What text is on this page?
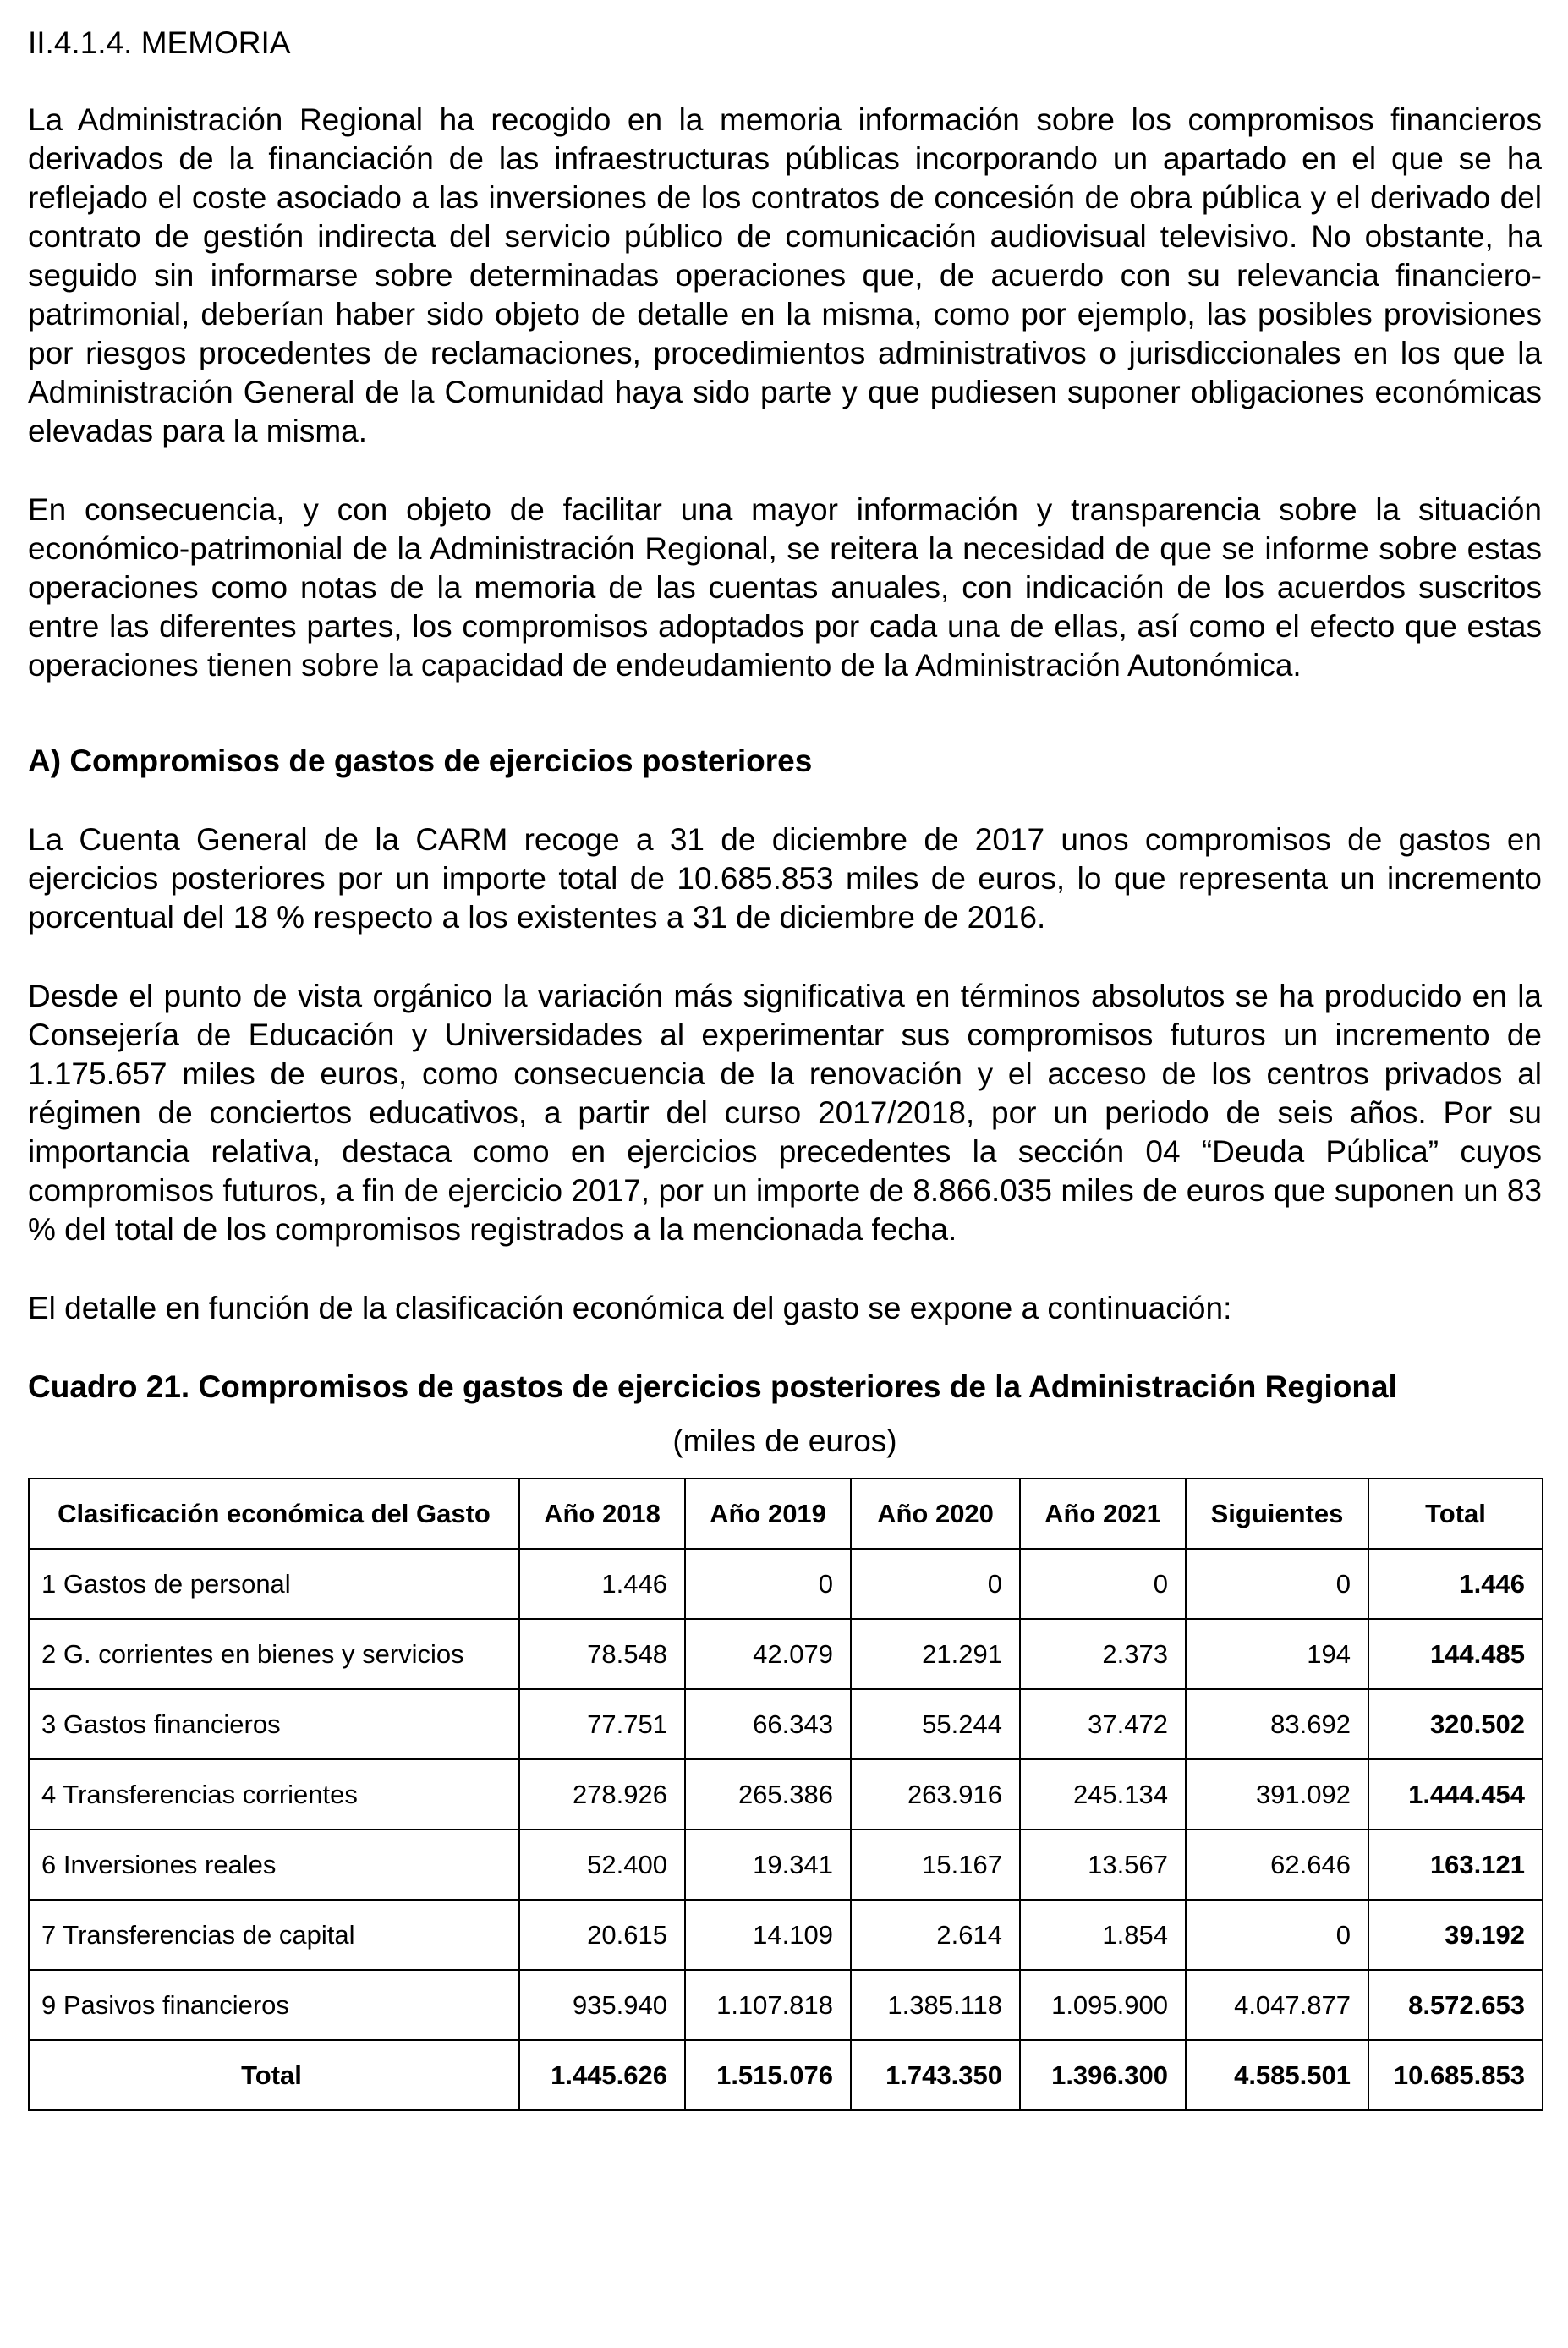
II.4.1.4. MEMORIA

La Administración Regional ha recogido en la memoria información sobre los compromisos financieros derivados de la financiación de las infraestructuras públicas incorporando un apartado en el que se ha reflejado el coste asociado a las inversiones de los contratos de concesión de obra pública y el derivado del contrato de gestión indirecta del servicio público de comunicación audiovisual televisivo. No obstante, ha seguido sin informarse sobre determinadas operaciones que, de acuerdo con su relevancia financiero-patrimonial, deberían haber sido objeto de detalle en la misma, como por ejemplo, las posibles provisiones por riesgos procedentes de reclamaciones, procedimientos administrativos o jurisdiccionales en los que la Administración General de la Comunidad haya sido parte y que pudiesen suponer obligaciones económicas elevadas para la misma.

En consecuencia, y con objeto de facilitar una mayor información y transparencia sobre la situación económico-patrimonial de la Administración Regional, se reitera la necesidad de que se informe sobre estas operaciones como notas de la memoria de las cuentas anuales, con indicación de los acuerdos suscritos entre las diferentes partes, los compromisos adoptados por cada una de ellas, así como el efecto que estas operaciones tienen sobre la capacidad de endeudamiento de la Administración Autonómica.

A) Compromisos de gastos de ejercicios posteriores

La Cuenta General de la CARM recoge a 31 de diciembre de 2017 unos compromisos de gastos en ejercicios posteriores por un importe total de 10.685.853 miles de euros, lo que representa un incremento porcentual del 18 % respecto a los existentes a 31 de diciembre de 2016.

Desde el punto de vista orgánico la variación más significativa en términos absolutos se ha producido en la Consejería de Educación y Universidades al experimentar sus compromisos futuros un incremento de 1.175.657 miles de euros, como consecuencia de la renovación y el acceso de los centros privados al régimen de conciertos educativos, a partir del curso 2017/2018, por un periodo de seis años. Por su importancia relativa, destaca como en ejercicios precedentes la sección 04 “Deuda Pública” cuyos compromisos futuros, a fin de ejercicio 2017, por un importe de 8.866.035 miles de euros que suponen un 83 % del total de los compromisos registrados a la mencionada fecha.

El detalle en función de la clasificación económica del gasto se expone a continuación:

Cuadro 21. Compromisos de gastos de ejercicios posteriores de la Administración Regional
(miles de euros)
Clasificación económica del Gasto	Año 2018	Año 2019	Año 2020	Año 2021	Siguientes	Total
1 Gastos de personal	1.446	0	0	0	0	1.446
2 G. corrientes en bienes y servicios	78.548	42.079	21.291	2.373	194	144.485
3 Gastos financieros	77.751	66.343	55.244	37.472	83.692	320.502
4 Transferencias corrientes	278.926	265.386	263.916	245.134	391.092	1.444.454
6 Inversiones reales	52.400	19.341	15.167	13.567	62.646	163.121
7 Transferencias de capital	20.615	14.109	2.614	1.854	0	39.192
9 Pasivos financieros	935.940	1.107.818	1.385.118	1.095.900	4.047.877	8.572.653
Total	1.445.626	1.515.076	1.743.350	1.396.300	4.585.501	10.685.853
